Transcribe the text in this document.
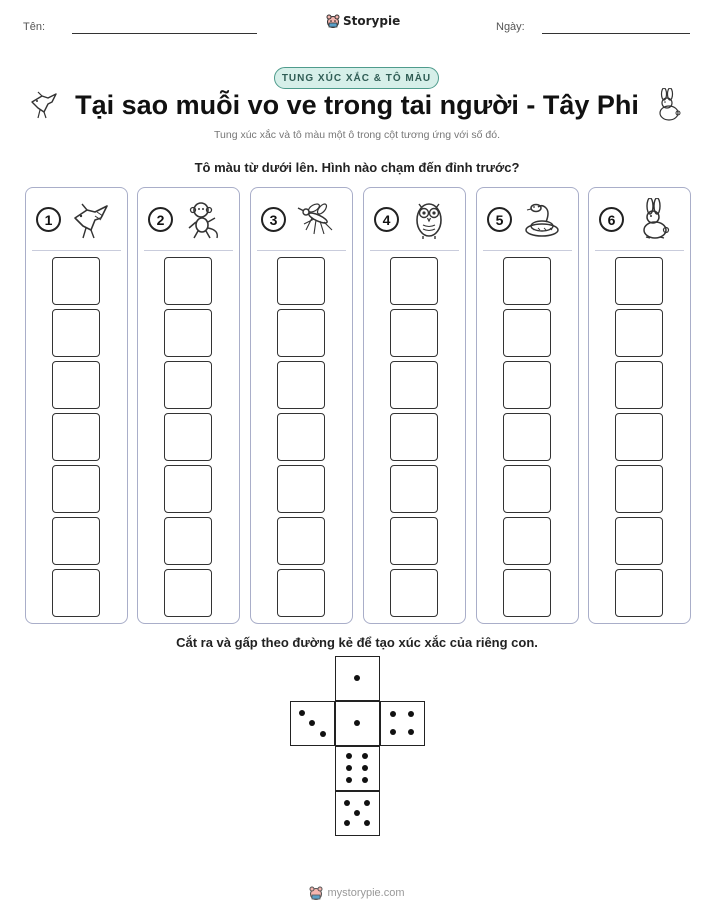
Tên:	Storypie	Ngày:
TUNG XÚC XẮC & TÔ MÀU
Tại sao muỗi vo ve trong tai người - Tây Phi
Tung xúc xắc và tô màu một ô trong cột tương ứng với số đó.
Tô màu từ dưới lên. Hình nào chạm đến đỉnh trước?
1	2	3	4	5	6
Cắt ra và gấp theo đường kẻ để tạo xúc xắc của riêng con.
mystorypie.com
